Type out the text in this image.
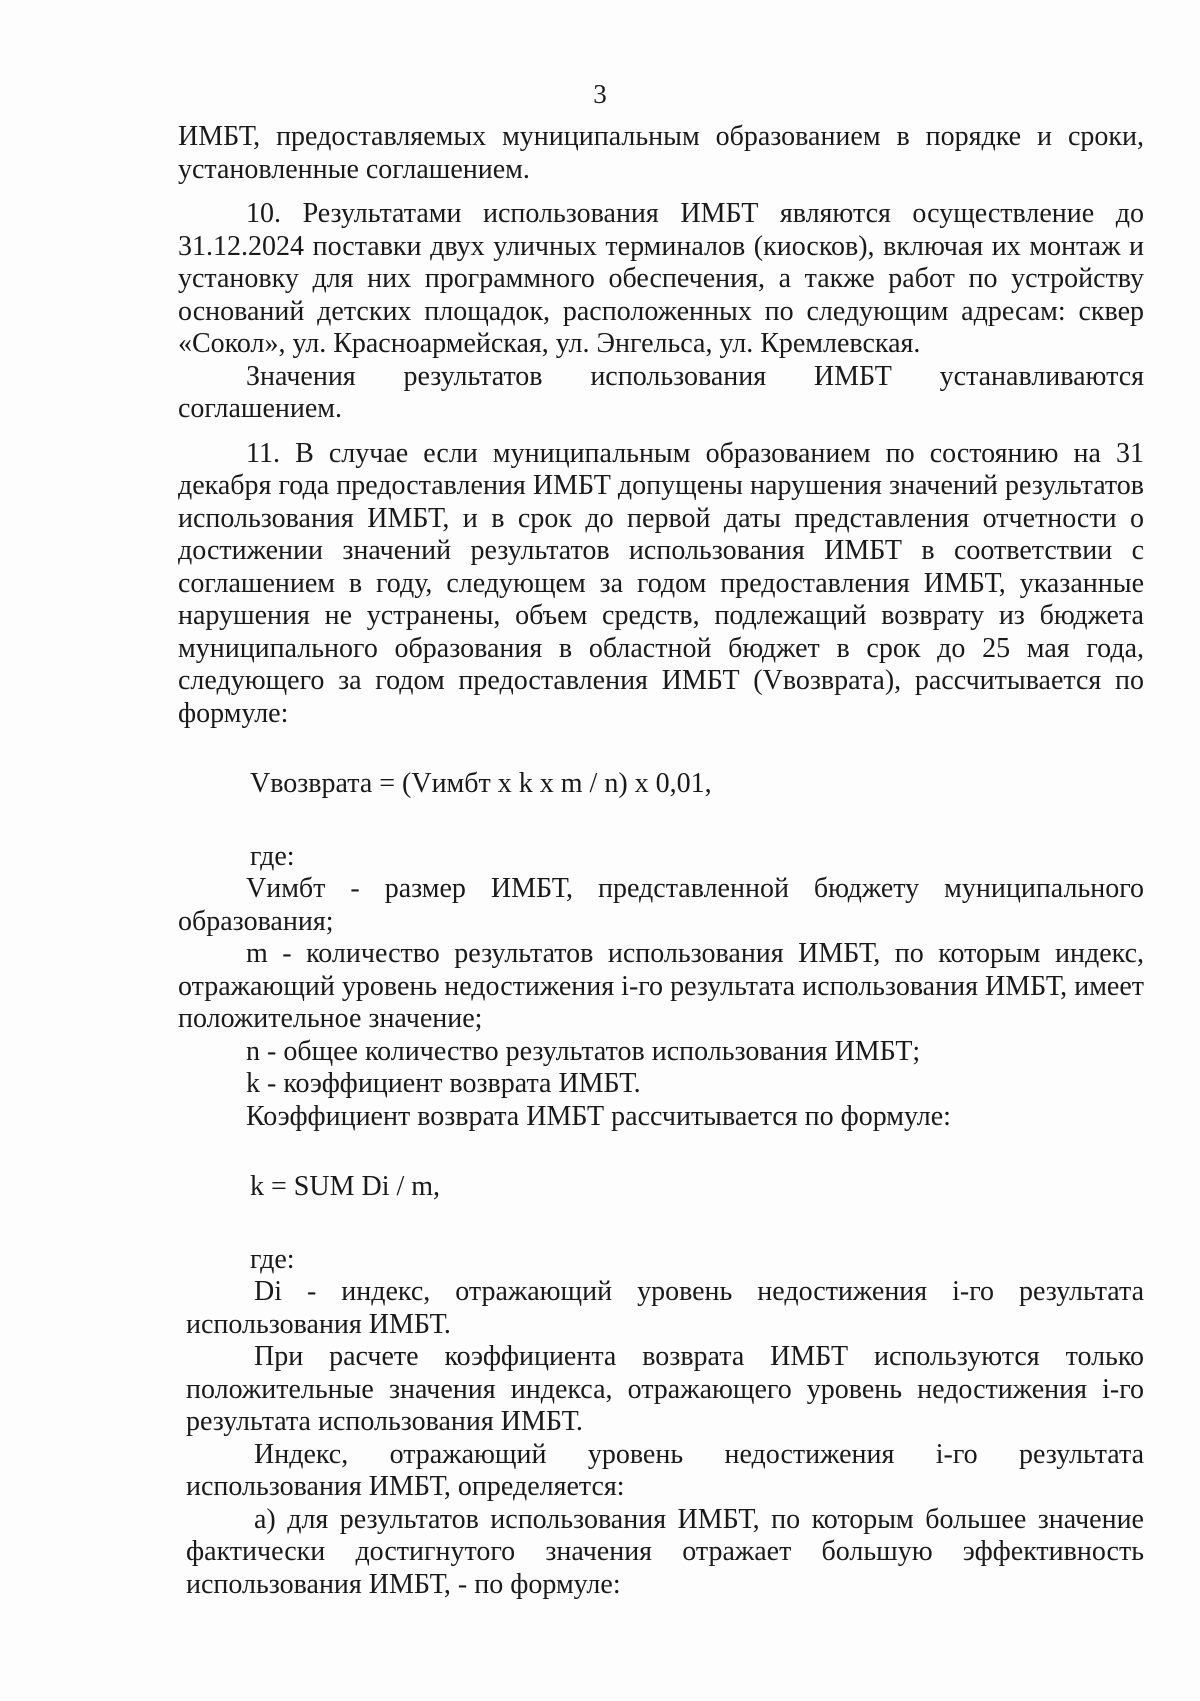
3

ИМБТ, предоставляемых муниципальным образованием в порядке и сроки, установленные соглашением.

10. Результатами использования ИМБТ являются осуществление до 31.12.2024 поставки двух уличных терминалов (киосков), включая их монтаж и установку для них программного обеспечения, а также работ по устройству оснований детских площадок, расположенных по следующим адресам: сквер «Сокол», ул. Красноармейская, ул. Энгельса, ул. Кремлевская.

Значения результатов использования ИМБТ устанавливаются соглашением.

11. В случае если муниципальным образованием по состоянию на 31 декабря года предоставления ИМБТ допущены нарушения значений результатов использования ИМБТ, и в срок до первой даты представления отчетности о достижении значений результатов использования ИМБТ в соответствии с соглашением в году, следующем за годом предоставления ИМБТ, указанные нарушения не устранены, объем средств, подлежащий возврату из бюджета муниципального образования в областной бюджет в срок до 25 мая года, следующего за годом предоставления ИМБТ (Vвозврата), рассчитывается по формуле:

Vвозврата = (Vимбт x k x m / n) x 0,01,

где:

Vимбт - размер ИМБТ, представленной бюджету муниципального образования;

m - количество результатов использования ИМБТ, по которым индекс, отражающий уровень недостижения i-го результата использования ИМБТ, имеет положительное значение;

n - общее количество результатов использования ИМБТ;

k - коэффициент возврата ИМБТ.

Коэффициент возврата ИМБТ рассчитывается по формуле:

k = SUM Di / m,

где:

Di - индекс, отражающий уровень недостижения i-го результата использования ИМБТ.

При расчете коэффициента возврата ИМБТ используются только положительные значения индекса, отражающего уровень недостижения i-го результата использования ИМБТ.

Индекс, отражающий уровень недостижения i-го результата использования ИМБТ, определяется:

а) для результатов использования ИМБТ, по которым большее значение фактически достигнутого значения отражает большую эффективность использования ИМБТ, - по формуле:
